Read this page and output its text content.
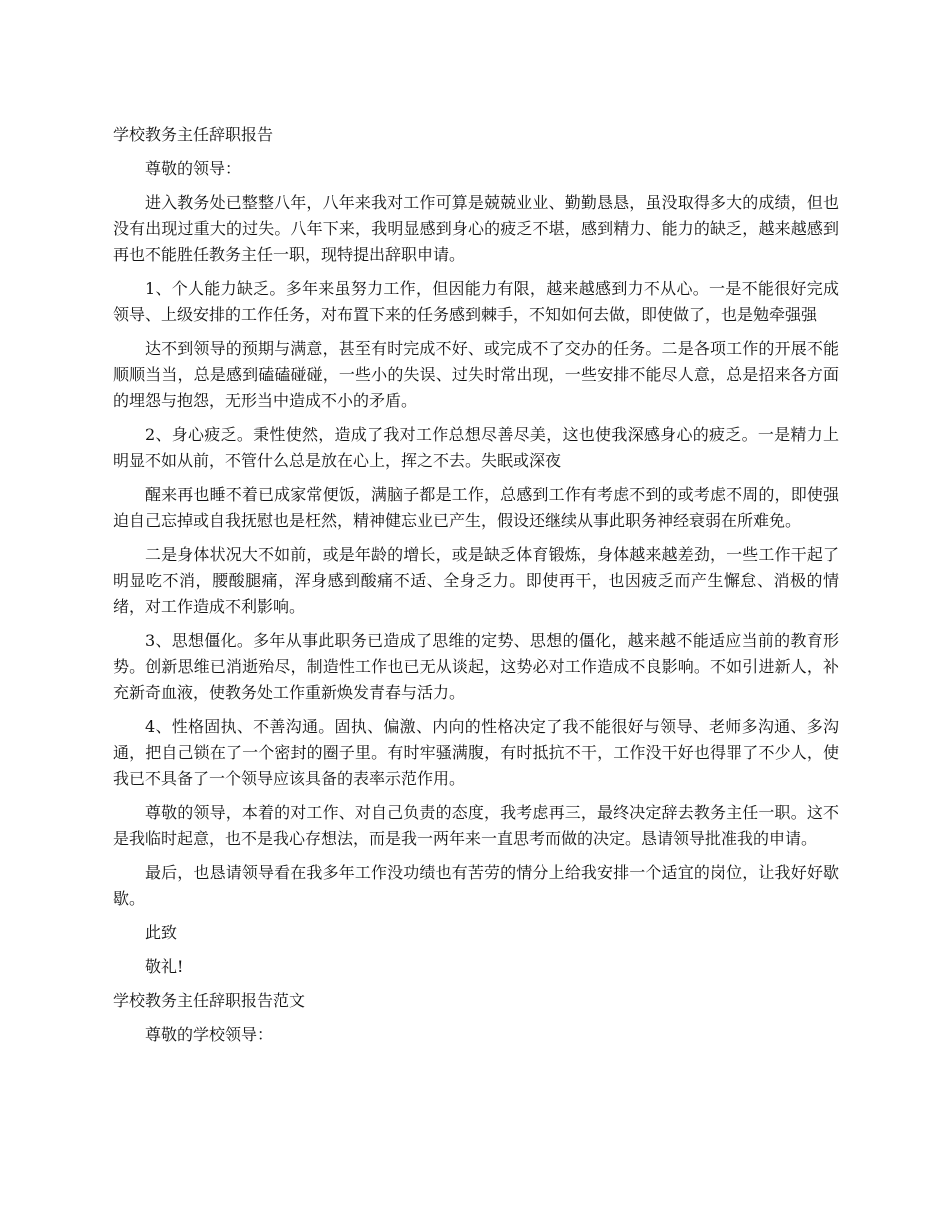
学校教务主任辞职报告

尊敬的领导：

进入教务处已整整八年，八年来我对工作可算是兢兢业业、勤勤恳恳，虽没取得多大的成绩，但也没有出现过重大的过失。八年下来，我明显感到身心的疲乏不堪，感到精力、能力的缺乏，越来越感到再也不能胜任教务主任一职，现特提出辞职申请。

1、个人能力缺乏。多年来虽努力工作，但因能力有限，越来越感到力不从心。一是不能很好完成领导、上级安排的工作任务，对布置下来的任务感到棘手，不知如何去做，即使做了，也是勉牵强强

达不到领导的预期与满意，甚至有时完成不好、或完成不了交办的任务。二是各项工作的开展不能顺顺当当，总是感到磕磕碰碰，一些小的失误、过失时常出现，一些安排不能尽人意，总是招来各方面的埋怨与抱怨，无形当中造成不小的矛盾。

2、身心疲乏。秉性使然，造成了我对工作总想尽善尽美，这也使我深感身心的疲乏。一是精力上明显不如从前，不管什么总是放在心上，挥之不去。失眠或深夜

醒来再也睡不着已成家常便饭，满脑子都是工作，总感到工作有考虑不到的或考虑不周的，即使强迫自己忘掉或自我抚慰也是枉然，精神健忘业已产生，假设还继续从事此职务神经衰弱在所难免。

二是身体状况大不如前，或是年龄的增长，或是缺乏体育锻炼，身体越来越差劲，一些工作干起了明显吃不消，腰酸腿痛，浑身感到酸痛不适、全身乏力。即使再干，也因疲乏而产生懈怠、消极的情绪，对工作造成不利影响。

3、思想僵化。多年从事此职务已造成了思维的定势、思想的僵化，越来越不能适应当前的教育形势。创新思维已消逝殆尽，制造性工作也已无从谈起，这势必对工作造成不良影响。不如引进新人，补充新奇血液，使教务处工作重新焕发青春与活力。

4、性格固执、不善沟通。固执、偏激、内向的性格决定了我不能很好与领导、老师多沟通、多沟通，把自己锁在了一个密封的圈子里。有时牢骚满腹，有时抵抗不干，工作没干好也得罪了不少人，使我已不具备了一个领导应该具备的表率示范作用。

尊敬的领导，本着的对工作、对自己负责的态度，我考虑再三，最终决定辞去教务主任一职。这不是我临时起意，也不是我心存想法，而是我一两年来一直思考而做的决定。恳请领导批准我的申请。

最后，也恳请领导看在我多年工作没功绩也有苦劳的情分上给我安排一个适宜的岗位，让我好好歇歇。

此致

敬礼!

学校教务主任辞职报告范文

尊敬的学校领导：
